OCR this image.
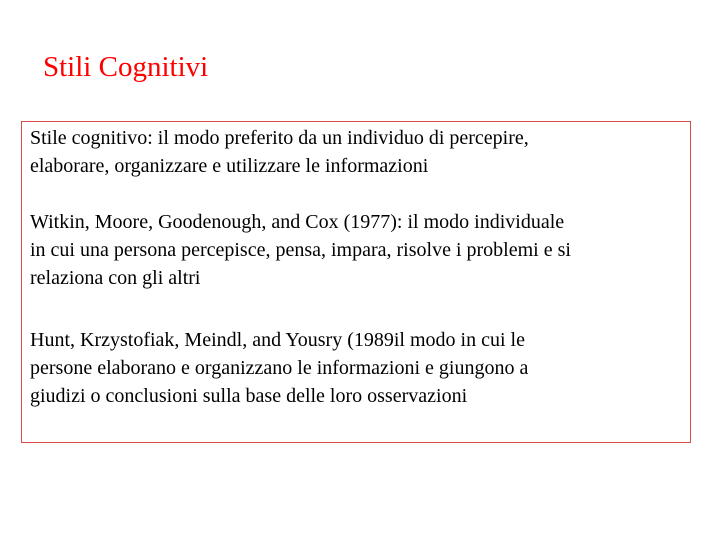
Stili Cognitivi

Stile cognitivo: il modo preferito da un individuo di percepire,
elaborare, organizzare e utilizzare le informazioni

Witkin, Moore, Goodenough, and Cox (1977): il modo individuale
in cui una persona percepisce, pensa, impara, risolve i problemi e si
relaziona con gli altri

Hunt, Krzystofiak, Meindl, and Yousry (1989il modo in cui le
persone elaborano e organizzano le informazioni e giungono a
giudizi o conclusioni sulla base delle loro osservazioni
